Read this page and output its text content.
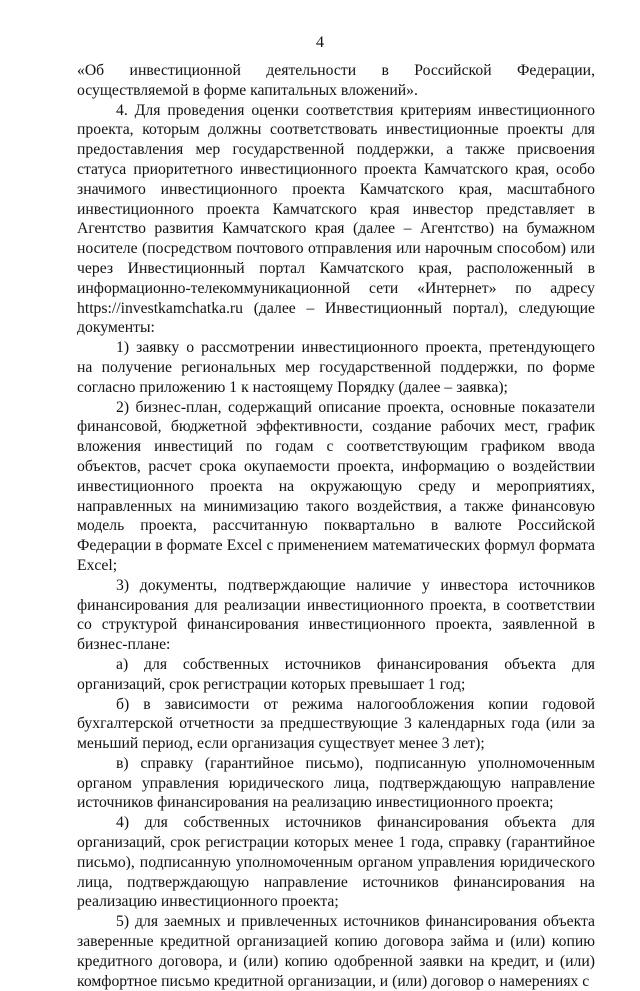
4

«Об инвестиционной деятельности в Российской Федерации, осуществляемой в форме капитальных вложений».

4. Для проведения оценки соответствия критериям инвестиционного проекта, которым должны соответствовать инвестиционные проекты для предоставления мер государственной поддержки, а также присвоения статуса приоритетного инвестиционного проекта Камчатского края, особо значимого инвестиционного проекта Камчатского края, масштабного инвестиционного проекта Камчатского края инвестор представляет в Агентство развития Камчатского края (далее – Агентство) на бумажном носителе (посредством почтового отправления или нарочным способом) или через Инвестиционный портал Камчатского края, расположенный в информационно-телекоммуникационной сети «Интернет» по адресу https://investkamchatka.ru (далее – Инвестиционный портал), следующие документы:

1) заявку о рассмотрении инвестиционного проекта, претендующего на получение региональных мер государственной поддержки, по форме согласно приложению 1 к настоящему Порядку (далее – заявка);

2) бизнес-план, содержащий описание проекта, основные показатели финансовой, бюджетной эффективности, создание рабочих мест, график вложения инвестиций по годам с соответствующим графиком ввода объектов, расчет срока окупаемости проекта, информацию о воздействии инвестиционного проекта на окружающую среду и мероприятиях, направленных на минимизацию такого воздействия, а также финансовую модель проекта, рассчитанную поквартально в валюте Российской Федерации в формате Excel с применением математических формул формата Excel;

3) документы, подтверждающие наличие у инвестора источников финансирования для реализации инвестиционного проекта, в соответствии со структурой финансирования инвестиционного проекта, заявленной в бизнес-плане:

а) для собственных источников финансирования объекта для организаций, срок регистрации которых превышает 1 год;

б) в зависимости от режима налогообложения копии годовой бухгалтерской отчетности за предшествующие 3 календарных года (или за меньший период, если организация существует менее 3 лет);

в) справку (гарантийное письмо), подписанную уполномоченным органом управления юридического лица, подтверждающую направление источников финансирования на реализацию инвестиционного проекта;

4) для собственных источников финансирования объекта для организаций, срок регистрации которых менее 1 года, справку (гарантийное письмо), подписанную уполномоченным органом управления юридического лица, подтверждающую направление источников финансирования на реализацию инвестиционного проекта;

5) для заемных и привлеченных источников финансирования объекта заверенные кредитной организацией копию договора займа и (или) копию кредитного договора, и (или) копию одобренной заявки на кредит, и (или) комфортное письмо кредитной организации, и (или) договор о намерениях с
